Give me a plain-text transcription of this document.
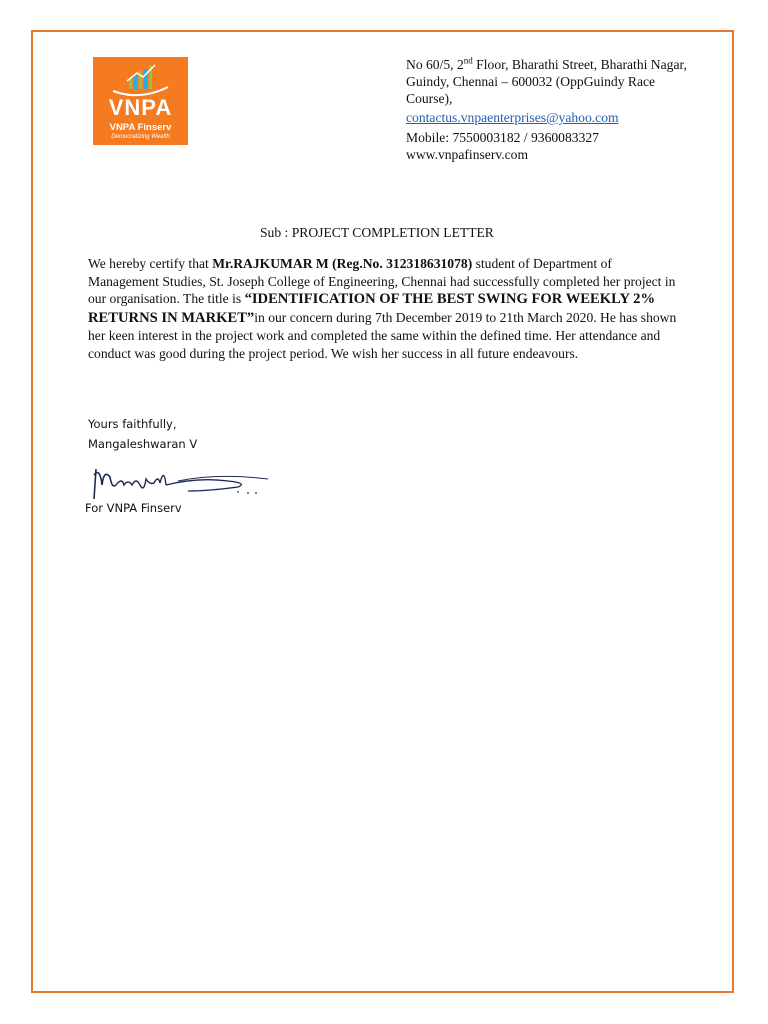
VNPA
VNPA Finserv
Democratizing Wealth
No 60/5, 2nd Floor, Bharathi Street, Bharathi Nagar, Guindy, Chennai – 600032 (OppGuindy Race Course),
contactus.vnpaenterprises@yahoo.com
Mobile: 7550003182 / 9360083327
www.vnpafinserv.com
Sub : PROJECT COMPLETION LETTER
We hereby certify that Mr.RAJKUMAR M (Reg.No. 312318631078) student of Department of Management Studies, St. Joseph College of Engineering, Chennai had successfully completed her project in our organisation. The title is “IDENTIFICATION OF THE BEST SWING FOR WEEKLY 2% RETURNS IN MARKET”in our concern during 7th December 2019 to 21th March 2020. He has shown her keen interest in the project work and completed the same within the defined time. Her attendance and conduct was good during the project period. We wish her success in all future endeavours.
Yours faithfully,
Mangaleshwaran V
For VNPA Finserv
